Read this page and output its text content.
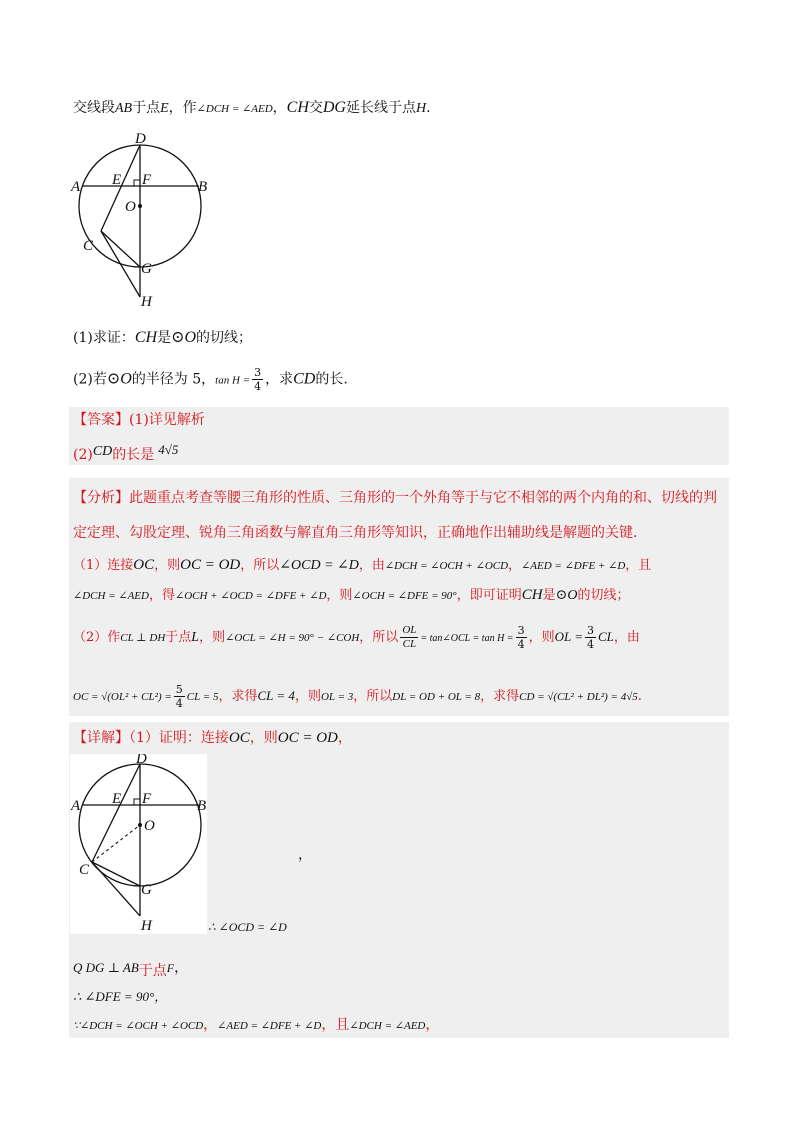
交线段AB于点E，作∠DCH = ∠AED，CH交DG延长线于点H.
D
A E F	B
O
C
G
H
(1)求证：CH是⊙O的切线；
(2)若⊙O的半径为 5，$\tan H = \frac{3}{4}$ ，求CD的长.
【答案】(1)详见解析
(2)CD的长是 4√5
【分析】此题重点考查等腰三角形的性质、三角形的一个外角等于与它不相邻的两个内角的和、切线的判
定定理、勾股定理、锐角三角函数与解直角三角形等知识，正确地作出辅助线是解题的关键.
（1）连接OC，则OC = OD，所以∠OCD = ∠D，由∠DCH = ∠OCH + ∠OCD，∠AED = ∠DFE + ∠D，且
∠DCH = ∠AED，得∠OCH + ∠OCD = ∠DFE + ∠D，则∠OCH = ∠DFE = 90°，即可证明CH是⊙O的切线；
（2）作CL ⊥ DH于点L，则∠OCL = ∠H = 90° − ∠COH，所以 $\frac{OL}{CL}$ = tan∠OCL = $\tan H = \frac{3}{4}$ ，则OL = $\frac{3}{4}$ CL，由
OC = $√(OL^2 + CL^2) = \frac{5}{4}$ CL = 5，求得CL = 4，则OL = 3，所以DL = OD + OL = 8，求得CD = √(CL² + DL²) = 4√5.
【详解】（1）证明：连接OC，则OC = OD，
D
A E F	B
O
C
G
H
，
∴ ∠OCD = ∠D
Q DG ⊥ AB于点F，
∴ ∠DFE = 90°，
∵∠DCH = ∠OCH + ∠OCD，∠AED = ∠DFE + ∠D，且∠DCH = ∠AED，
